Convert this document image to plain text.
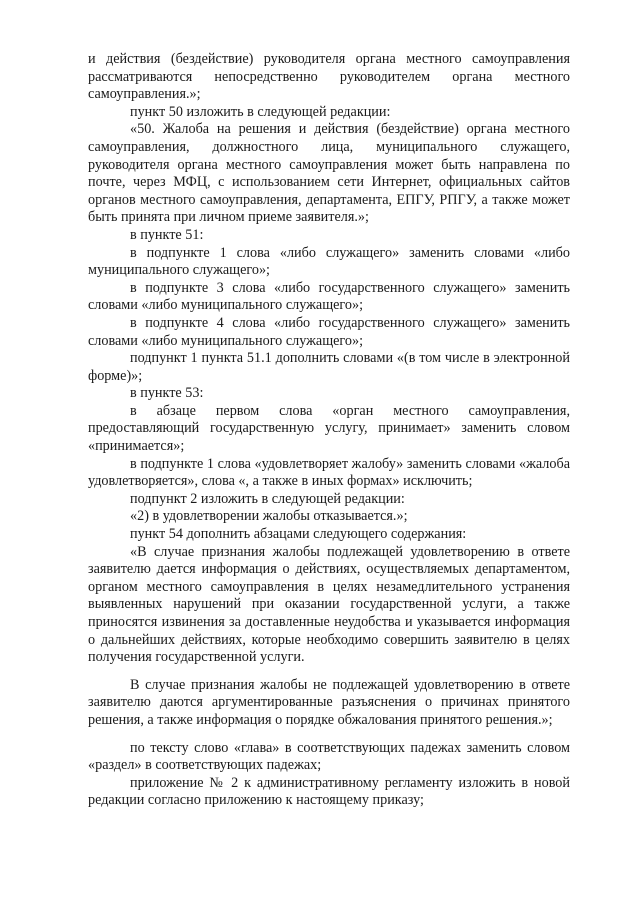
и действия (бездействие) руководителя органа местного самоуправления рассматриваются непосредственно руководителем органа местного самоуправления.»;

пункт 50 изложить в следующей редакции:

«50. Жалоба на решения и действия (бездействие) органа местного самоуправления, должностного лица, муниципального служащего, руководителя органа местного самоуправления может быть направлена по почте, через МФЦ, с использованием сети Интернет, официальных сайтов органов местного самоуправления, департамента, ЕПГУ, РПГУ, а также может быть принята при личном приеме заявителя.»;

в пункте 51:

в подпункте 1 слова «либо служащего» заменить словами «либо муниципального служащего»;

в подпункте 3 слова «либо государственного служащего» заменить словами «либо муниципального служащего»;

в подпункте 4 слова «либо государственного служащего» заменить словами «либо муниципального служащего»;

подпункт 1 пункта 51.1 дополнить словами «(в том числе в электронной форме)»;

в пункте 53:

в абзаце первом слова «орган местного самоуправления, предоставляющий государственную услугу, принимает» заменить словом «принимается»;

в подпункте 1 слова «удовлетворяет жалобу» заменить словами «жалоба удовлетворяется», слова «, а также в иных формах» исключить;

подпункт 2 изложить в следующей редакции:

«2) в удовлетворении жалобы отказывается.»;

пункт 54 дополнить абзацами следующего содержания:

«В случае признания жалобы подлежащей удовлетворению в ответе заявителю дается информация о действиях, осуществляемых департаментом, органом местного самоуправления в целях незамедлительного устранения выявленных нарушений при оказании государственной услуги, а также приносятся извинения за доставленные неудобства и указывается информация о дальнейших действиях, которые необходимо совершить заявителю в целях получения государственной услуги.

В случае признания жалобы не подлежащей удовлетворению в ответе заявителю даются аргументированные разъяснения о причинах принятого решения, а также информация о порядке обжалования принятого решения.»;

по тексту слово «глава» в соответствующих падежах заменить словом «раздел» в соответствующих падежах;

приложение № 2 к административному регламенту изложить в новой редакции согласно приложению к настоящему приказу;
